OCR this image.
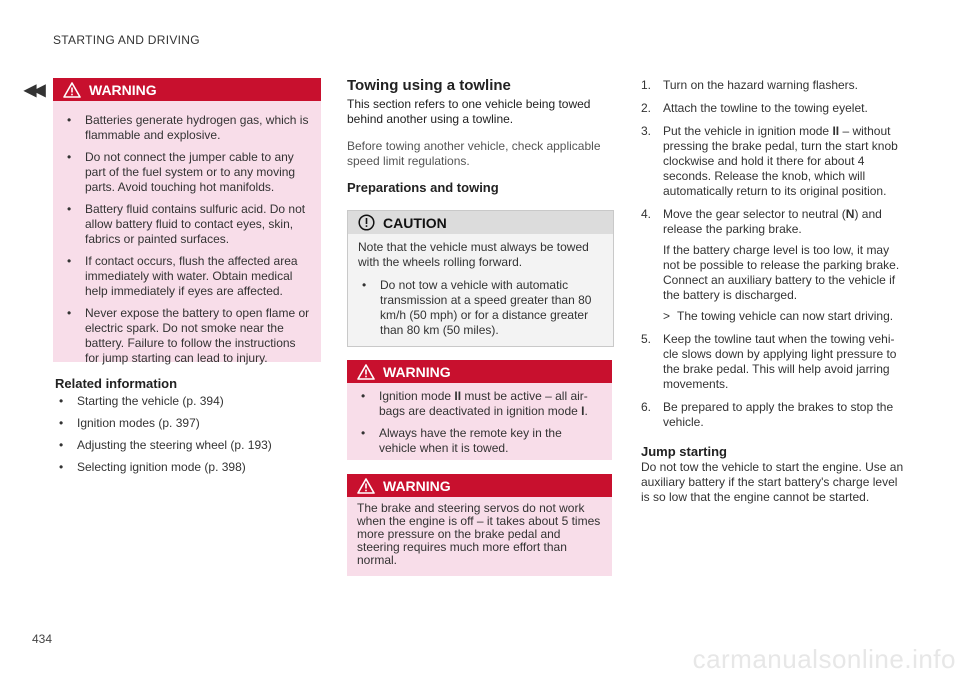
STARTING AND DRIVING
◀◀
434
carmanualsonline.info
WARNING
• Batteries generate hydrogen gas, which is flammable and explosive.
• Do not connect the jumper cable to any part of the fuel system or to any moving parts. Avoid touching hot manifolds.
• Battery fluid contains sulfuric acid. Do not allow battery fluid to contact eyes, skin, fabrics or painted surfaces.
• If contact occurs, flush the affected area immediately with water. Obtain medical help immediately if eyes are affected.
• Never expose the battery to open flame or electric spark. Do not smoke near the battery. Failure to follow the instructions for jump starting can lead to injury.
Related information
• Starting the vehicle (p. 394)
• Ignition modes (p. 397)
• Adjusting the steering wheel (p. 193)
• Selecting ignition mode (p. 398)
Towing using a towline
This section refers to one vehicle being towed behind another using a towline.
Before towing another vehicle, check applicable speed limit regulations.
Preparations and towing
CAUTION
Note that the vehicle must always be towed with the wheels rolling forward.
• Do not tow a vehicle with automatic transmission at a speed greater than 80 km/h (50 mph) or for a distance greater than 80 km (50 miles).
WARNING
• Ignition mode II must be active – all air-bags are deactivated in ignition mode I.
• Always have the remote key in the vehicle when it is towed.
WARNING
The brake and steering servos do not work when the engine is off – it takes about 5 times more pressure on the brake pedal and steering requires much more effort than normal.
1. Turn on the hazard warning flashers.
2. Attach the towline to the towing eyelet.
3. Put the vehicle in ignition mode II – without pressing the brake pedal, turn the start knob clockwise and hold it there for about 4 seconds. Release the knob, which will automatically return to its original position.
4. Move the gear selector to neutral (N) and release the parking brake.
If the battery charge level is too low, it may not be possible to release the parking brake. Connect an auxiliary battery to the vehicle if the battery is discharged.
> The towing vehicle can now start driving.
5. Keep the towline taut when the towing vehi-cle slows down by applying light pressure to the brake pedal. This will help avoid jarring movements.
6. Be prepared to apply the brakes to stop the vehicle.
Jump starting
Do not tow the vehicle to start the engine. Use an auxiliary battery if the start battery's charge level is so low that the engine cannot be started.
